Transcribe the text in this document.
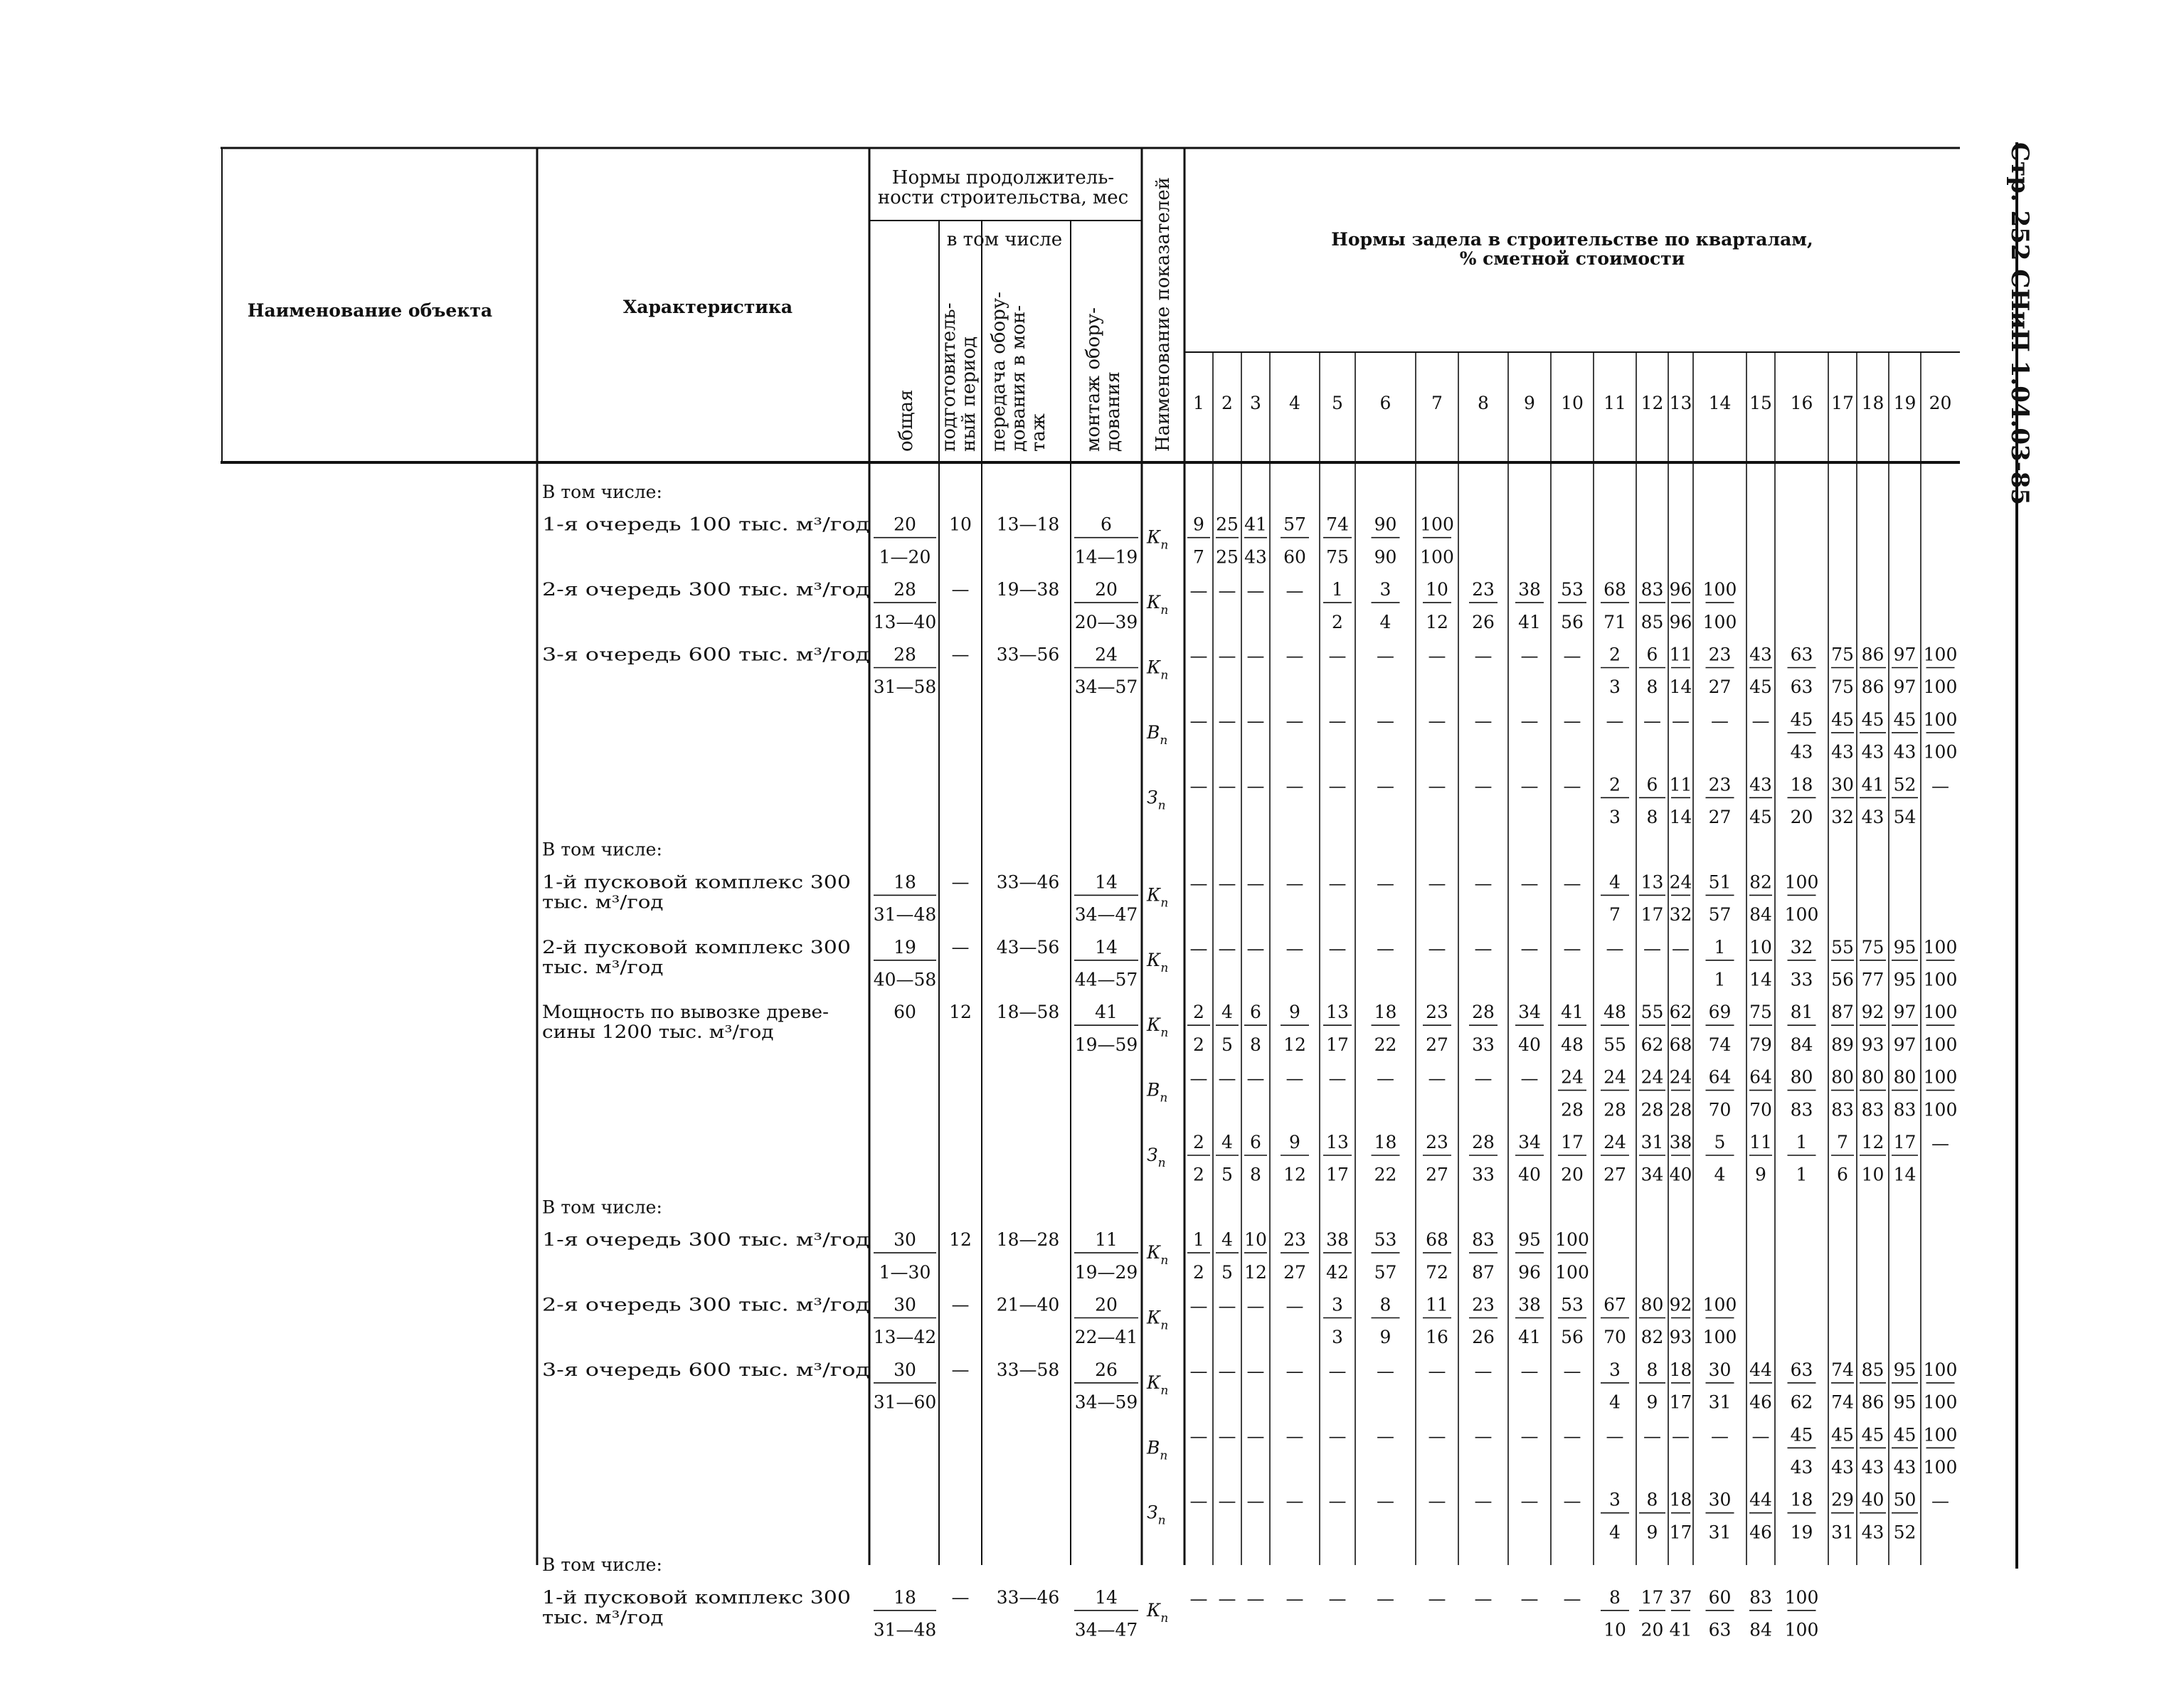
Наименование объекта	Характеристика
Нормы продолжитель-
ности строительства, мес
в том числе
общая подготовитель-
ный период передача обору-
дования в мон-
таж монтаж обору-
дования Наименование показателей	Нормы задела в строительстве по кварталам,
% сметной стоимости
1 2 3 4 5 6 7 8 9 10 11 12 13 14 15 16 17 18 19 20
В том числе:
1-я очередь 100 тыс. м³/год 20
1—20
10 13—18 6
14—19
$К_п$
9
7
25
25
41
43
57
60
74
75
90
90
100
100
2-я очередь 300 тыс. м³/год 28
13—40
— 19—38 20
20—39
$К_п$
— — — — 1
2
3
4
10
12
23
26
38
41
53
56
68
71
83
85
96
96
100
100
3-я очередь 600 тыс. м³/год 28
31—58
— 33—56 24
34—57
$К_п$
— — — — — — — — — — 2
3
6
8
11
14
23
27
43
45
63
63
75
75
86
86
97
97
100
100
$В_п$
— — — — — — — — — — — — — — — 45
43
45
43
45
43
45
43
100
100
$З_п$
— — — — — — — — — — 2
3
6
8
11
14
23
27
43
45
18
20
30
32
41
43
52
54
—
В том числе:
1-й пусковой комплекс 300
тыс. м³/год
18
31—48
— 33—46 14
34—47
$К_п$
— — — — — — — — — — 4
7
13
17
24
32
51
57
82
84
100
100
2-й пусковой комплекс 300
тыс. м³/год
19
40—58
— 43—56 14
44—57
$К_п$
— — — — — — — — — — — — — 1
1
10
14
32
33
55
56
75
77
95
95
100
100
Мощность по вывозке древе-
сины 1200 тыс. м³/год
60 12 18—58 41
19—59
$К_п$
2
2
4
5
6
8
9
12
13
17
18
22
23
27
28
33
34
40
41
48
48
55
55
62
62
68
69
74
75
79
81
84
87
89
92
93
97
97
100
100
$В_п$
— — — — — — — — — 24
28
24
28
24
28
24
28
64
70
64
70
80
83
80
83
80
83
80
83
100
100
$З_п$
2
2
4
5
6
8
9
12
13
17
18
22
23
27
28
33
34
40
17
20
24
27
31
34
38
40
5
4
11
9
1
1
7
6
12
10
17
14
—
В том числе:
1-я очередь 300 тыс. м³/год 30
1—30
12 18—28 11
19—29
$К_п$
1
2
4
5
10
12
23
27
38
42
53
57
68
72
83
87
95
96
100
100
2-я очередь 300 тыс. м³/год 30
13—42
— 21—40 20
22—41
$К_п$
— — — — 3
3
8
9
11
16
23
26
38
41
53
56
67
70
80
82
92
93
100
100
3-я очередь 600 тыс. м³/год 30
31—60
— 33—58 26
34—59
$К_п$
— — — — — — — — — — 3
4
8
9
18
17
30
31
44
46
63
62
74
74
85
86
95
95
100
100
$В_п$
— — — — — — — — — — — — — — — 45
43
45
43
45
43
45
43
100
100
$З_п$
— — — — — — — — — — 3
4
8
9
18
17
30
31
44
46
18
19
29
31
40
43
50
52
—
В том числе:
1-й пусковой комплекс 300
тыс. м³/год
18
31—48
— 33—46 14
34—47
$К_п$
— — — — — — — — — — 8
10
17
20
37
41
60
63
83
84
100
100
Стр. 252 СНиП 1.04.03-85
